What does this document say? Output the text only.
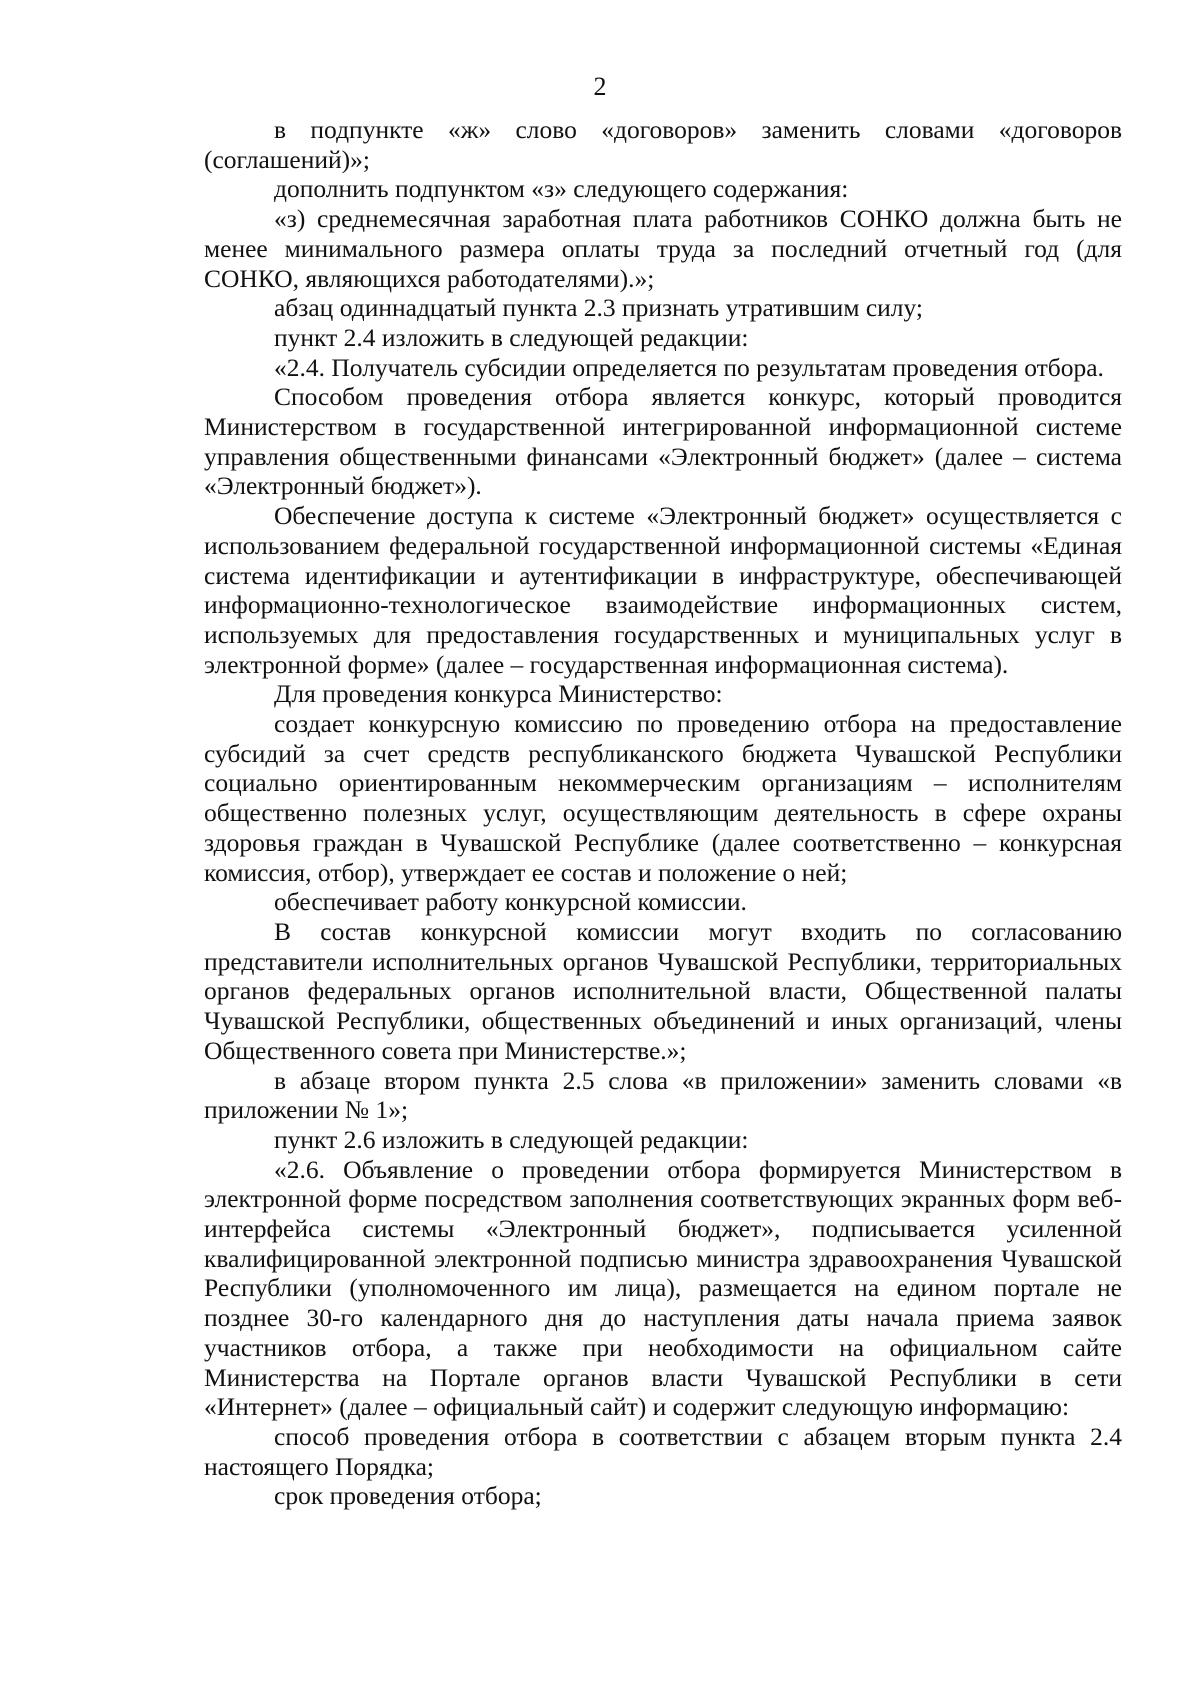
2

в подпункте «ж» слово «договоров» заменить словами «договоров (соглашений)»;

дополнить подпунктом «з» следующего содержания:

«з) среднемесячная заработная плата работников СОНКО должна быть не менее минимального размера оплаты труда за последний отчетный год (для СОНКО, являющихся работодателями).»;

абзац одиннадцатый пункта 2.3 признать утратившим силу;

пункт 2.4 изложить в следующей редакции:

«2.4. Получатель субсидии определяется по результатам проведения отбора.

Способом проведения отбора является конкурс, который проводится Министерством в государственной интегрированной информационной системе управления общественными финансами «Электронный бюджет» (далее – система «Электронный бюджет»).

Обеспечение доступа к системе «Электронный бюджет» осуществляется с использованием федеральной государственной информационной системы «Единая система идентификации и аутентификации в инфраструктуре, обеспечивающей информационно-технологическое взаимодействие информационных систем, используемых для предоставления государственных и муниципальных услуг в электронной форме» (далее – государственная информационная система).

Для проведения конкурса Министерство:

создает конкурсную комиссию по проведению отбора на предоставление субсидий за счет средств республиканского бюджета Чувашской Республики социально ориентированным некоммерческим организациям – исполнителям общественно полезных услуг, осуществляющим деятельность в сфере охраны здоровья граждан в Чувашской Республике (далее соответственно – конкурсная комиссия, отбор), утверждает ее состав и положение о ней;

обеспечивает работу конкурсной комиссии.

В состав конкурсной комиссии могут входить по согласованию представители исполнительных органов Чувашской Республики, территориальных органов федеральных органов исполнительной власти, Общественной палаты Чувашской Республики, общественных объединений и иных организаций, члены Общественного совета при Министерстве.»;

в абзаце втором пункта 2.5 слова «в приложении» заменить словами «в приложении № 1»;

пункт 2.6 изложить в следующей редакции:

«2.6. Объявление о проведении отбора формируется Министерством в электронной форме посредством заполнения соответствующих экранных форм веб-интерфейса системы «Электронный бюджет», подписывается усиленной квалифицированной электронной подписью министра здравоохранения Чувашской Республики (уполномоченного им лица), размещается на едином портале не позднее 30-го календарного дня до наступления даты начала приема заявок участников отбора, а также при необходимости на официальном сайте Министерства на Портале органов власти Чувашской Республики в сети «Интернет» (далее – официальный сайт) и содержит следующую информацию:

способ проведения отбора в соответствии с абзацем вторым пункта 2.4 настоящего Порядка;

срок проведения отбора;
